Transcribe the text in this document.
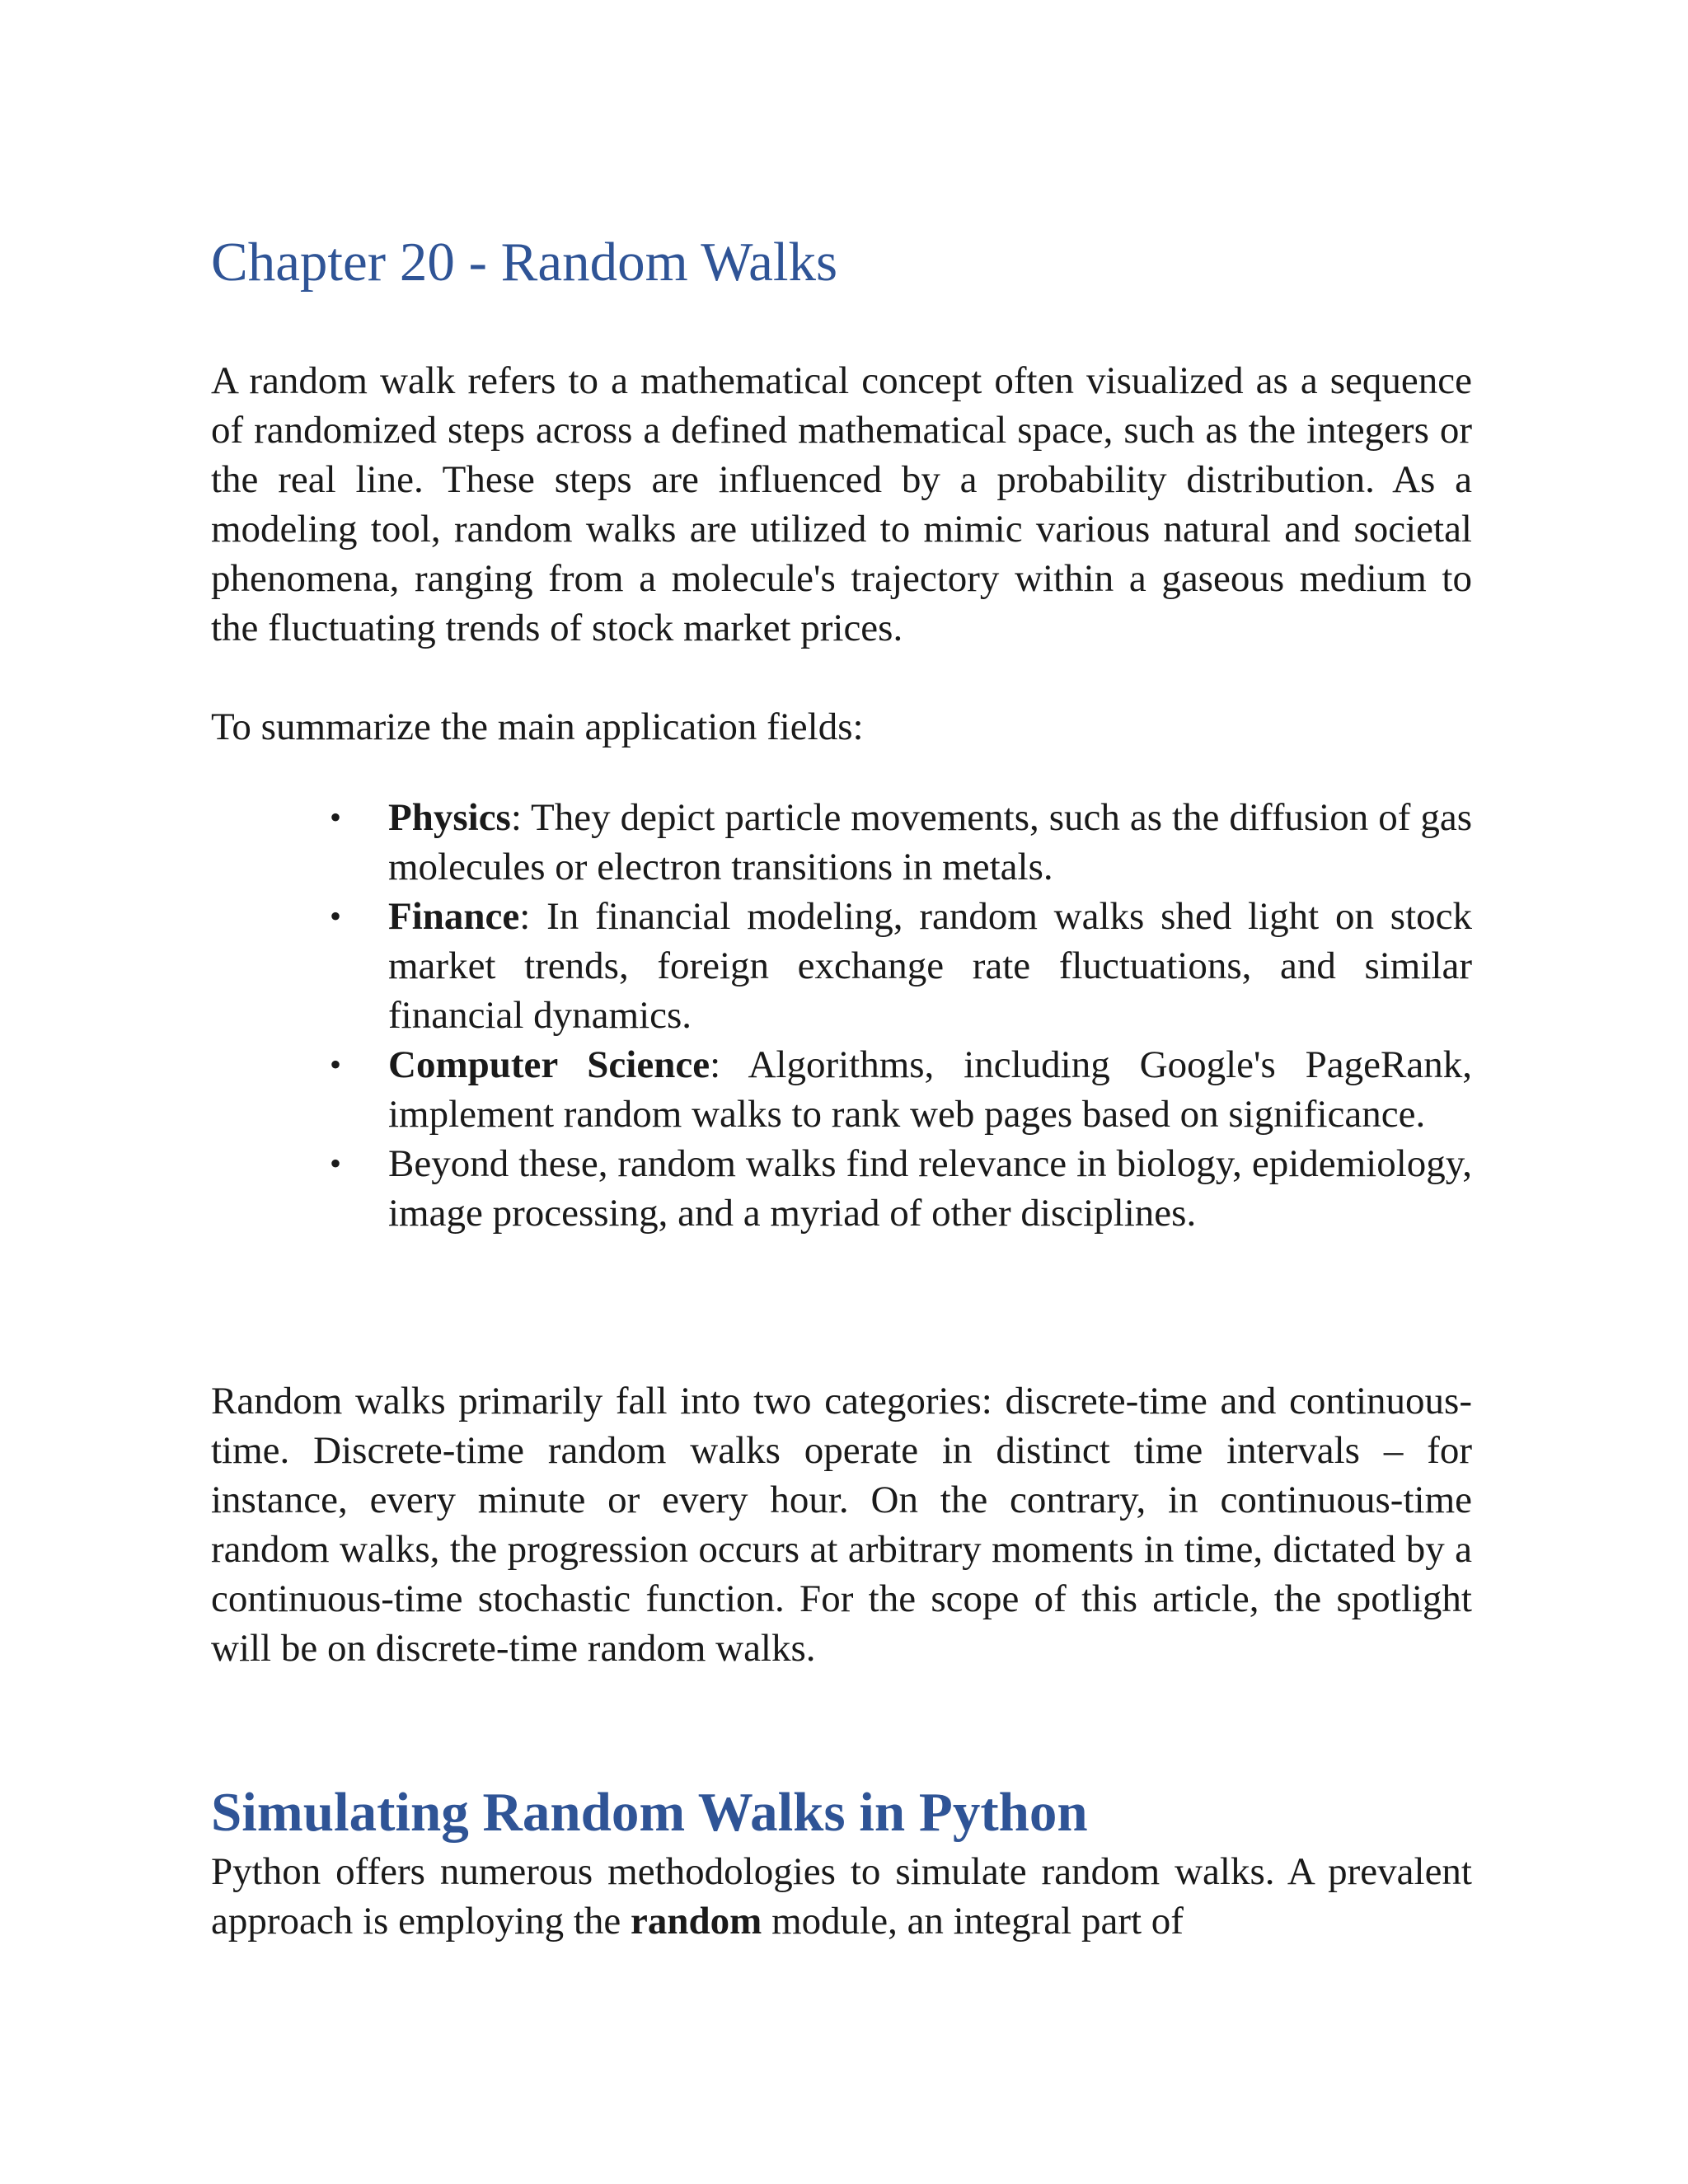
Chapter 20 - Random Walks

A random walk refers to a mathematical concept often visualized as a sequence of randomized steps across a defined mathematical space, such as the integers or the real line. These steps are influenced by a probability distribution. As a modeling tool, random walks are utilized to mimic various natural and societal phenomena, ranging from a molecule's trajectory within a gaseous medium to the fluctuating trends of stock market prices.

To summarize the main application fields:

• Physics: They depict particle movements, such as the diffusion of gas molecules or electron transitions in metals.

• Finance: In financial modeling, random walks shed light on stock market trends, foreign exchange rate fluctuations, and similar financial dynamics.

• Computer Science: Algorithms, including Google's PageRank, implement random walks to rank web pages based on significance.

• Beyond these, random walks find relevance in biology, epidemiology, image processing, and a myriad of other disciplines.

Random walks primarily fall into two categories: discrete-time and continuous-time. Discrete-time random walks operate in distinct time intervals – for instance, every minute or every hour. On the contrary, in continuous-time random walks, the progression occurs at arbitrary moments in time, dictated by a continuous-time stochastic function. For the scope of this article, the spotlight will be on discrete-time random walks.

Simulating Random Walks in Python

Python offers numerous methodologies to simulate random walks. A prevalent approach is employing the random module, an integral part of
